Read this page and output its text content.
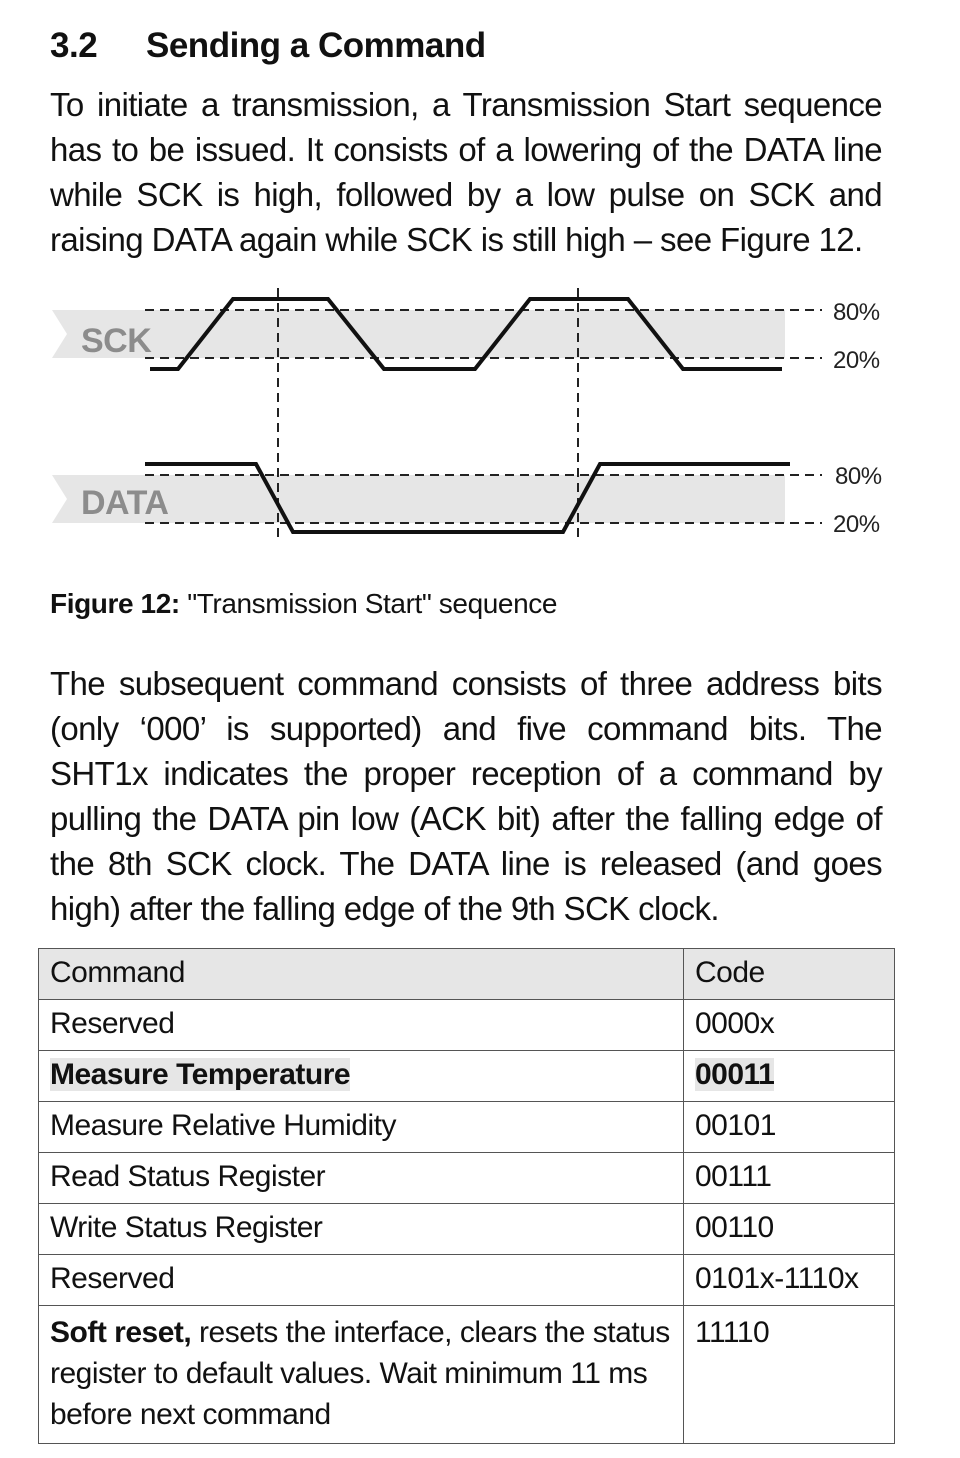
3.2 Sending a Command

To initiate a transmission, a Transmission Start sequence has to be issued. It consists of a lowering of the DATA line while SCK is high, followed by a low pulse on SCK and raising DATA again while SCK is still high – see Figure 12.

SCK
DATA
80%
20%
80%
20%

Figure 12: "Transmission Start" sequence

The subsequent command consists of three address bits (only ‘000’ is supported) and five command bits. The SHT1x indicates the proper reception of a command by pulling the DATA pin low (ACK bit) after the falling edge of the 8th SCK clock. The DATA line is released (and goes high) after the falling edge of the 9th SCK clock.

Command	Code
Reserved	0000x
Measure Temperature	00011
Measure Relative Humidity	00101
Read Status Register	00111
Write Status Register	00110
Reserved	0101x-1110x
Soft reset, resets the interface, clears the status register to default values. Wait minimum 11 ms before next command	11110
